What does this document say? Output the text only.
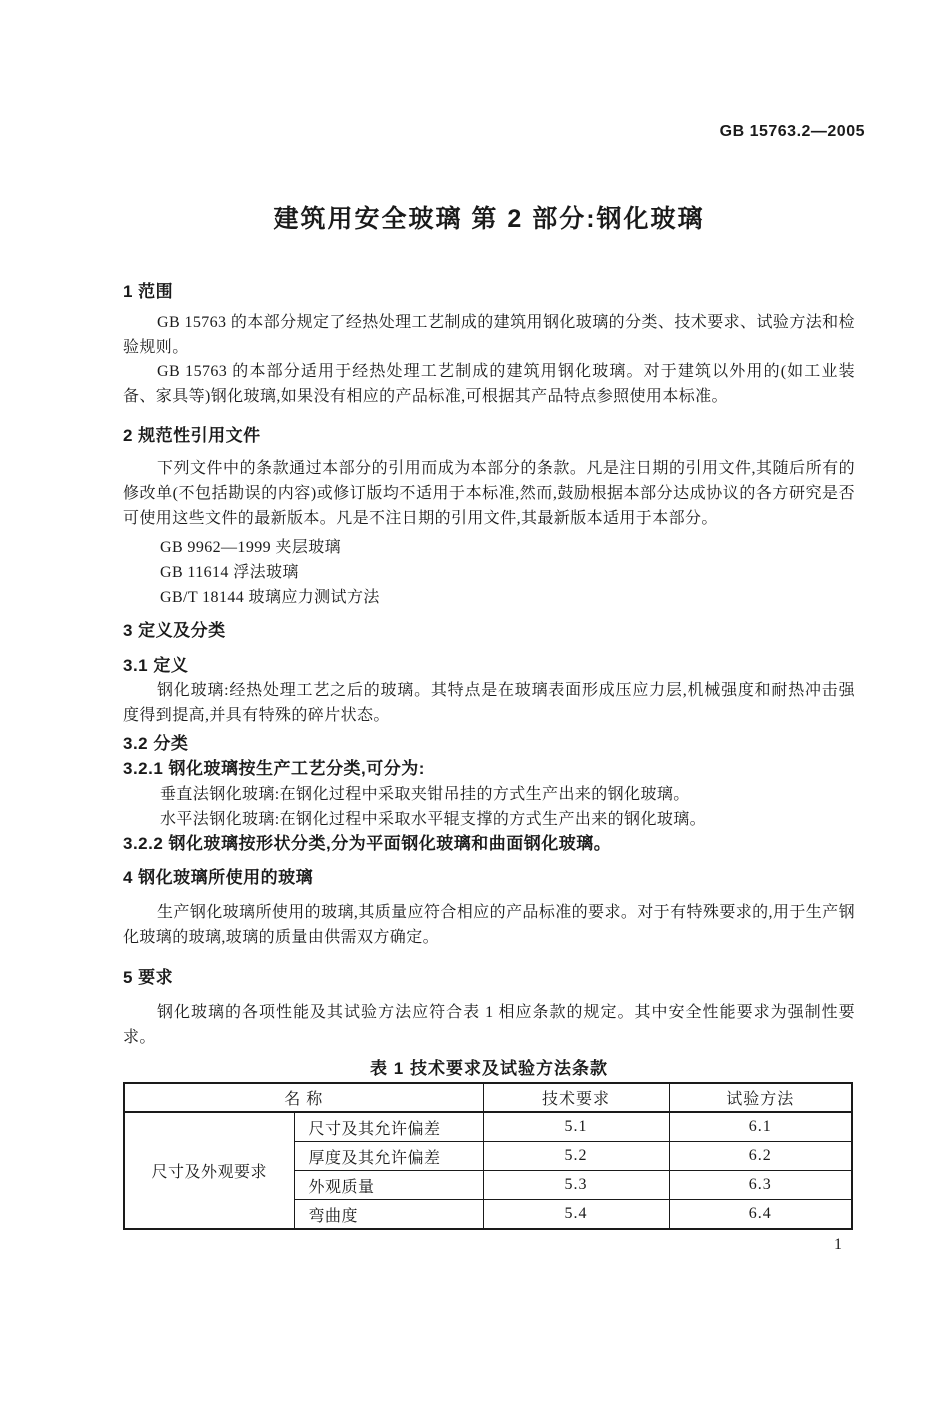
GB 15763.2—2005
建筑用安全玻璃 第 2 部分:钢化玻璃
1 范围

GB 15763 的本部分规定了经热处理工艺制成的建筑用钢化玻璃的分类、技术要求、试验方法和检验规则。

GB 15763 的本部分适用于经热处理工艺制成的建筑用钢化玻璃。对于建筑以外用的(如工业装备、家具等)钢化玻璃,如果没有相应的产品标准,可根据其产品特点参照使用本标准。

2 规范性引用文件

下列文件中的条款通过本部分的引用而成为本部分的条款。凡是注日期的引用文件,其随后所有的修改单(不包括勘误的内容)或修订版均不适用于本标准,然而,鼓励根据本部分达成协议的各方研究是否可使用这些文件的最新版本。凡是不注日期的引用文件,其最新版本适用于本部分。

GB 9962—1999 夹层玻璃
GB 11614 浮法玻璃
GB/T 18144 玻璃应力测试方法
3 定义及分类
3.1 定义

钢化玻璃:经热处理工艺之后的玻璃。其特点是在玻璃表面形成压应力层,机械强度和耐热冲击强度得到提高,并具有特殊的碎片状态。

3.2 分类
3.2.1 钢化玻璃按生产工艺分类,可分为:
垂直法钢化玻璃:在钢化过程中采取夹钳吊挂的方式生产出来的钢化玻璃。
水平法钢化玻璃:在钢化过程中采取水平辊支撑的方式生产出来的钢化玻璃。
3.2.2 钢化玻璃按形状分类,分为平面钢化玻璃和曲面钢化玻璃。
4 钢化玻璃所使用的玻璃

生产钢化玻璃所使用的玻璃,其质量应符合相应的产品标准的要求。对于有特殊要求的,用于生产钢化玻璃的玻璃,玻璃的质量由供需双方确定。

5 要求

钢化玻璃的各项性能及其试验方法应符合表 1 相应条款的规定。其中安全性能要求为强制性要求。

表 1 技术要求及试验方法条款
名 称		技术要求	试验方法
尺寸及外观要求	尺寸及其允许偏差	5.1	6.1
	厚度及其允许偏差	5.2	6.2
	外观质量	5.3	6.3
	弯曲度	5.4	6.4
1
